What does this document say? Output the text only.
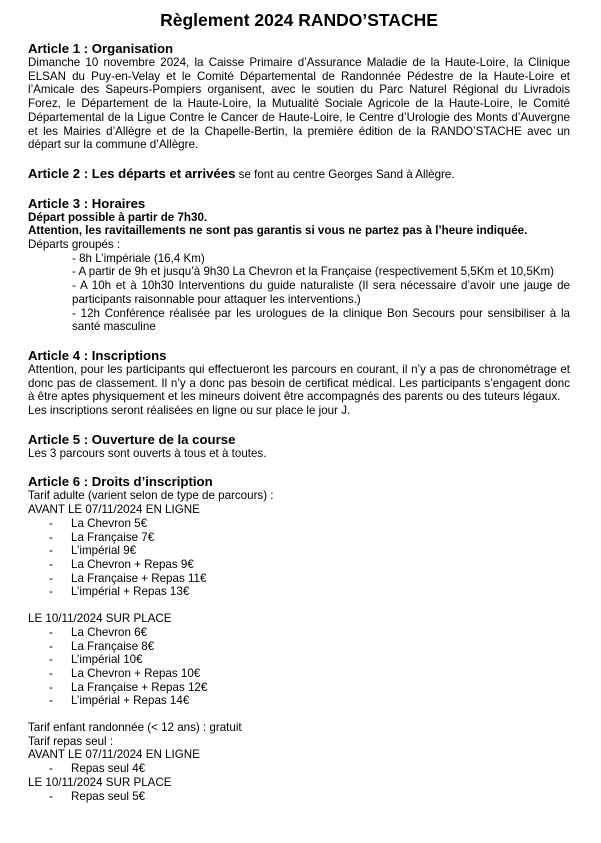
Règlement 2024 RANDO’STACHE
Article 1 : Organisation
Dimanche 10 novembre 2024, la Caisse Primaire d’Assurance Maladie de la Haute-Loire, la Clinique ELSAN du Puy-en-Velay et le Comité Départemental de Randonnée Pédestre de la Haute-Loire et l’Amicale des Sapeurs-Pompiers organisent, avec le soutien du Parc Naturel Régional du Livradois Forez, le Département de la Haute-Loire, la Mutualité Sociale Agricole de la Haute-Loire, le Comité Départemental de la Ligue Contre le Cancer de Haute-Loire, le Centre d’Urologie des Monts d’Auvergne et les Mairies d’Allègre et de la Chapelle-Bertin, la première édition de la RANDO’STACHE avec un départ sur la commune d’Allègre.
Article 2 : Les départs et arrivées se font au centre Georges Sand à Allègre.
Article 3 : Horaires
Départ possible à partir de 7h30.
Attention, les ravitaillements ne sont pas garantis si vous ne partez pas à l’heure indiquée.
Départs groupés :
- 8h L’impériale (16,4 Km)
- A partir de 9h et jusqu’à 9h30 La Chevron et la Française (respectivement 5,5Km et 10,5Km)
- A 10h et à 10h30 Interventions du guide naturaliste (Il sera nécessaire d’avoir une jauge de participants raisonnable pour attaquer les interventions.)
- 12h Conférence réalisée par les urologues de la clinique Bon Secours pour sensibiliser à la santé masculine
Article 4 : Inscriptions
Attention, pour les participants qui effectueront les parcours en courant, il n’y a pas de chronométrage et donc pas de classement. Il n’y a donc pas besoin de certificat médical. Les participants s’engagent donc à être aptes physiquement et les mineurs doivent être accompagnés des parents ou des tuteurs légaux.
Les inscriptions seront réalisées en ligne ou sur place le jour J.
Article 5 : Ouverture de la course
Les 3 parcours sont ouverts à tous et à toutes.
Article 6 : Droits d’inscription
Tarif adulte (varient selon de type de parcours) :
AVANT LE 07/11/2024 EN LIGNE
- La Chevron 5€
- La Française 7€
- L’impérial 9€
- La Chevron + Repas 9€
- La Française + Repas 11€
- L’impérial + Repas 13€
LE 10/11/2024 SUR PLACE
- La Chevron 6€
- La Française 8€
- L’impérial 10€
- La Chevron + Repas 10€
- La Française + Repas 12€
- L’impérial + Repas 14€
Tarif enfant randonnée (< 12 ans) : gratuit
Tarif repas seul :
AVANT LE 07/11/2024 EN LIGNE
- Repas seul 4€
LE 10/11/2024 SUR PLACE
- Repas seul 5€
